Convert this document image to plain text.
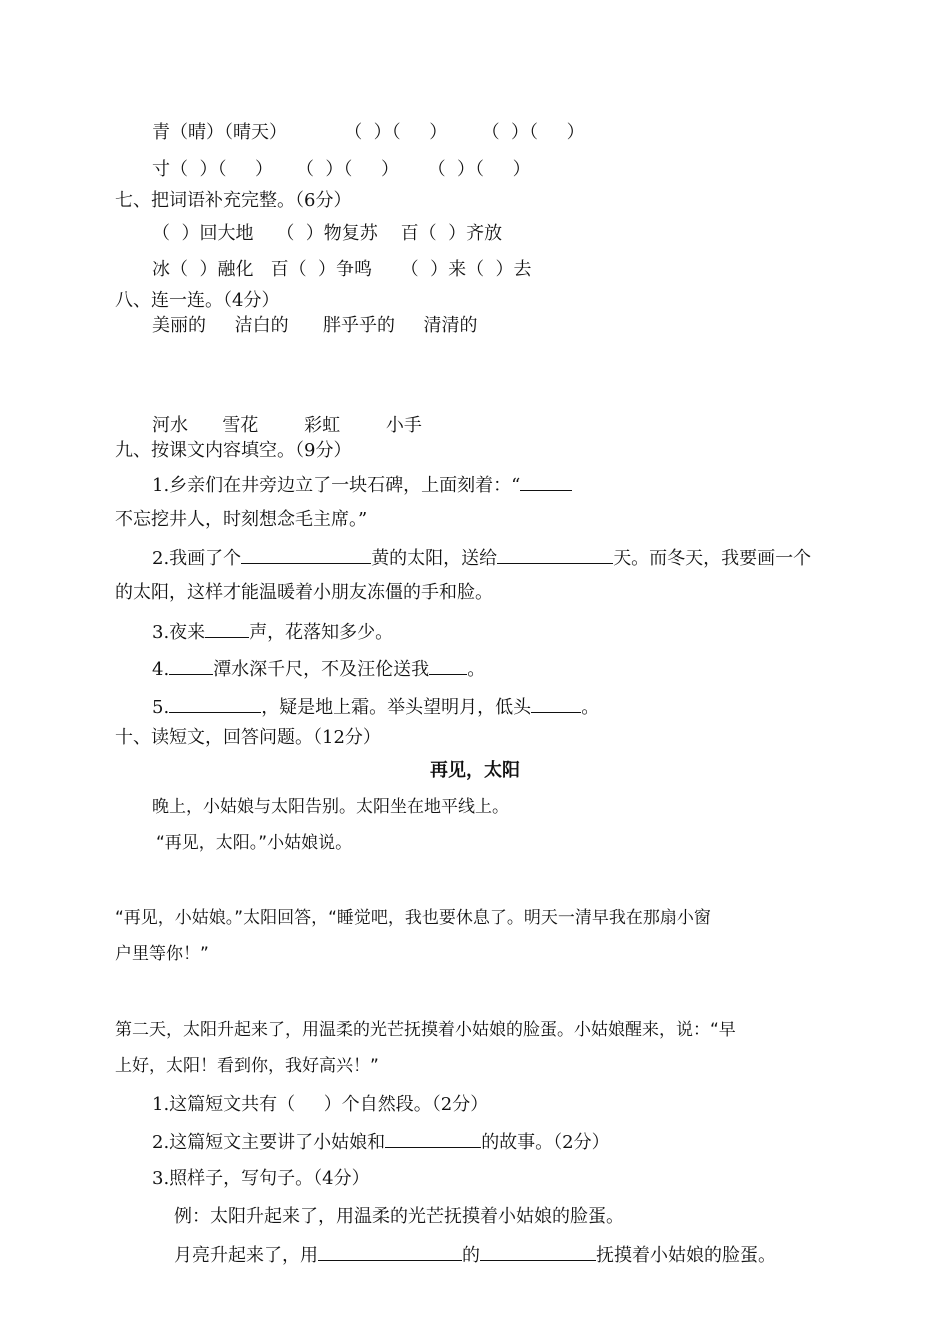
青（晴）（晴天）          （  ）（     ）      （  ）（     ）
寸（  ）（     ）    （  ）（     ）     （  ）（     ）
七、把词语补充完整。（6分）
（  ）回大地    （  ）物复苏    百（  ）齐放
冰（  ）融化   百（  ）争鸣     （  ）来（  ）去
八、连一连。（4分）
美丽的     洁白的      胖乎乎的     清清的
河水      雪花        彩虹        小手
九、按课文内容填空。（9分）
1.乡亲们在井旁边立了一块石碑，上面刻着：“
不忘挖井人，时刻想念毛主席。”
2.我画了个	黄的太阳，送给	天。而冬天，我要画一个
的太阳，这样才能温暖着小朋友冻僵的手和脸。
3.夜来 声，花落知多少。
4. 潭水深千尺，不及汪伦送我 。
5.	，疑是地上霜。举头望明月，低头	。
十、读短文，回答问题。（12分）
再见，太阳
晚上，小姑娘与太阳告别。太阳坐在地平线上。
“再见，太阳。”小姑娘说。
“再见，小姑娘。”太阳回答，“睡觉吧，我也要休息了。明天一清早我在那扇小窗
户里等你！”
第二天，太阳升起来了，用温柔的光芒抚摸着小姑娘的脸蛋。小姑娘醒来，说：“早
上好，太阳！看到你，我好高兴！”
1.这篇短文共有（     ）个自然段。（2分）
2.这篇短文主要讲了小姑娘和	的故事。（2分）
3.照样子，写句子。（4分）
例：太阳升起来了，用温柔的光芒抚摸着小姑娘的脸蛋。
月亮升起来了，用	的	抚摸着小姑娘的脸蛋。
